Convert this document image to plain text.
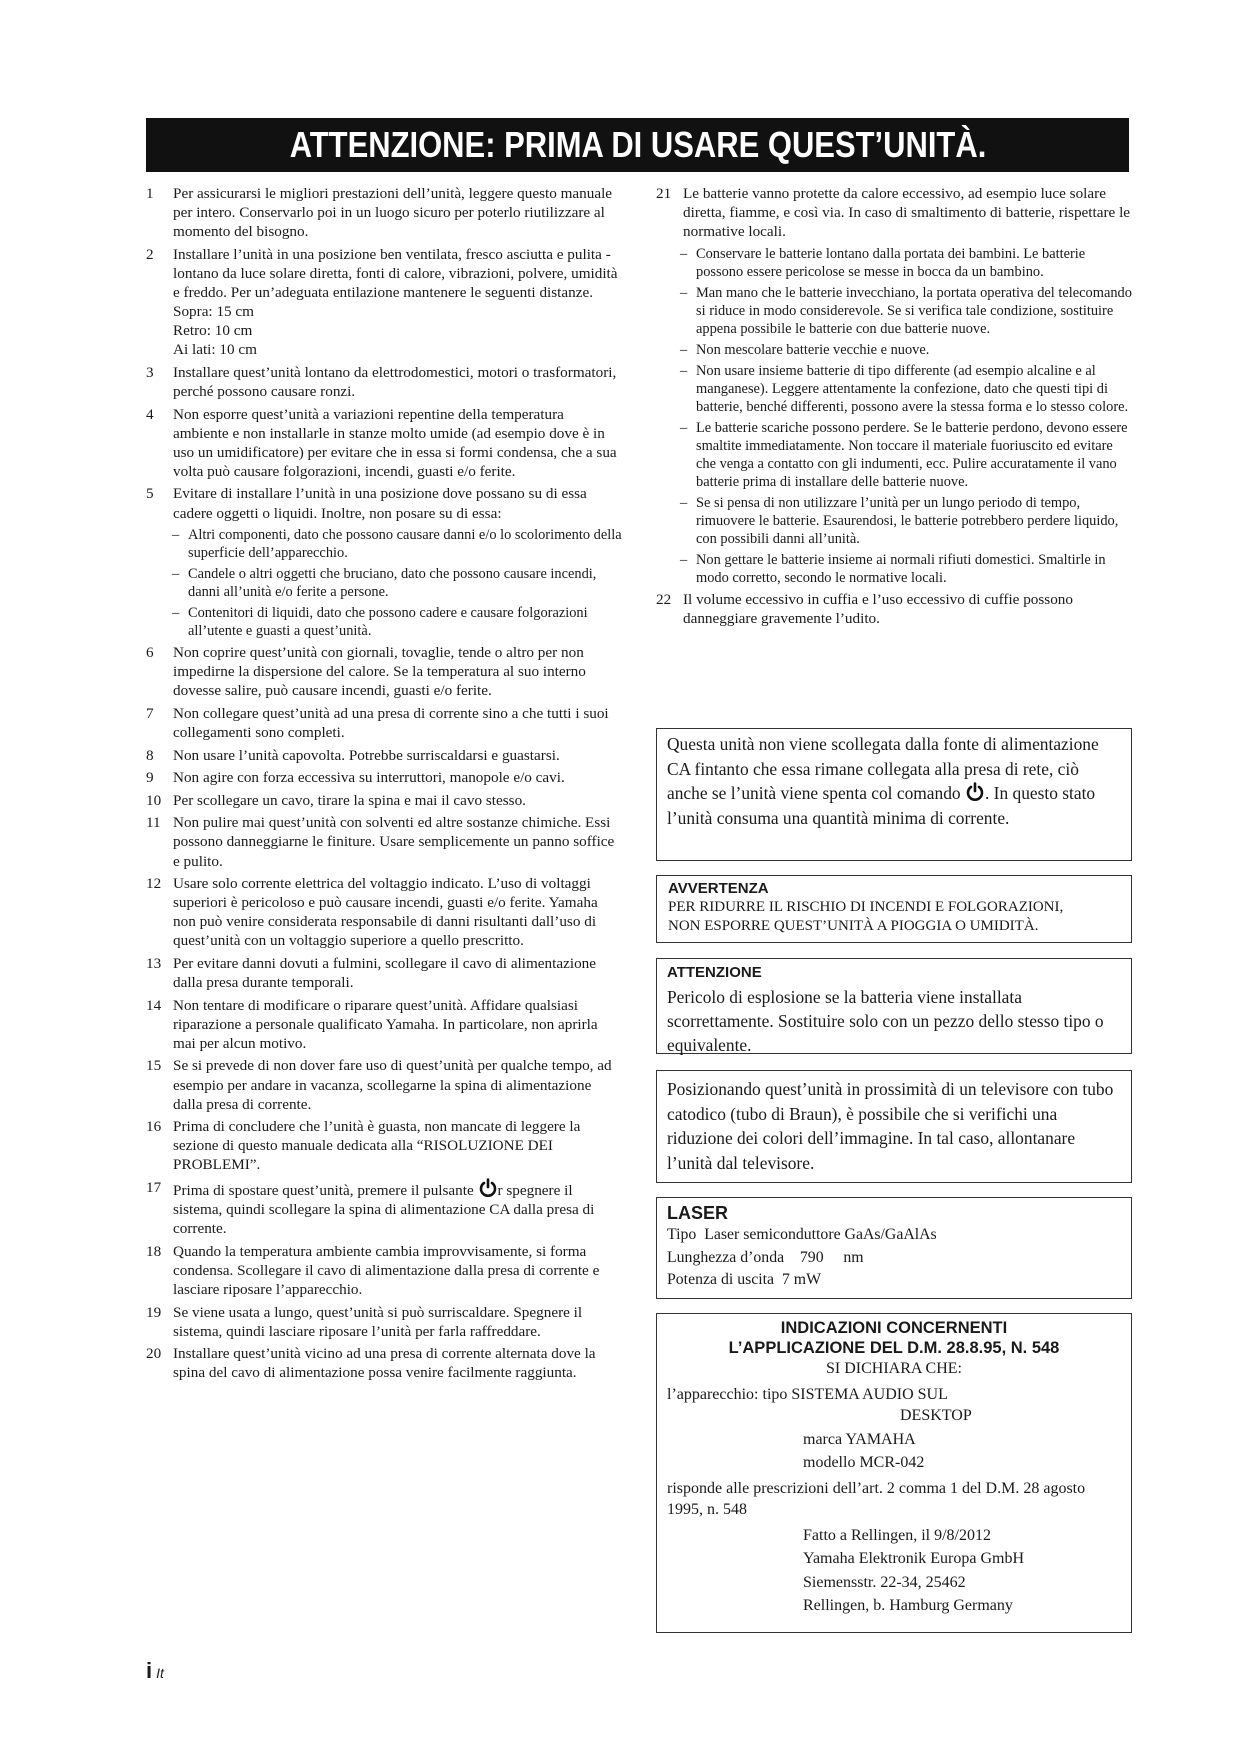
ATTENZIONE: PRIMA DI USARE QUEST’UNITÀ.
1 Per assicurarsi le migliori prestazioni dell’unità, leggere questo manuale per intero. Conservarlo poi in un luogo sicuro per poterlo riutilizzare al momento del bisogno.
2 Installare l’unità in una posizione ben ventilata, fresco asciutta e pulita - lontano da luce solare diretta, fonti di calore, vibrazioni, polvere, umidità e freddo. Per un’adeguata entilazione mantenere le seguenti distanze.
Sopra: 15 cm
Retro: 10 cm
Ai lati: 10 cm
3 Installare quest’unità lontano da elettrodomestici, motori o trasformatori, perché possono causare ronzi.
4 Non esporre quest’unità a variazioni repentine della temperatura ambiente e non installarle in stanze molto umide (ad esempio dove è in uso un umidificatore) per evitare che in essa si formi condensa, che a sua volta può causare folgorazioni, incendi, guasti e/o ferite.
5 Evitare di installare l’unità in una posizione dove possano su di essa cadere oggetti o liquidi. Inoltre, non posare su di essa:
– Altri componenti, dato che possono causare danni e/o lo scolorimento della superficie dell’apparecchio.
– Candele o altri oggetti che bruciano, dato che possono causare incendi, danni all’unità e/o ferite a persone.
– Contenitori di liquidi, dato che possono cadere e causare folgorazioni all’utente e guasti a quest’unità.
6 Non coprire quest’unità con giornali, tovaglie, tende o altro per non impedirne la dispersione del calore. Se la temperatura al suo interno dovesse salire, può causare incendi, guasti e/o ferite.
7 Non collegare quest’unità ad una presa di corrente sino a che tutti i suoi collegamenti sono completi.
8 Non usare l’unità capovolta. Potrebbe surriscaldarsi e guastarsi.
9 Non agire con forza eccessiva su interruttori, manopole e/o cavi.
10 Per scollegare un cavo, tirare la spina e mai il cavo stesso.
11 Non pulire mai quest’unità con solventi ed altre sostanze chimiche. Essi possono danneggiarne le finiture. Usare semplicemente un panno soffice e pulito.
12 Usare solo corrente elettrica del voltaggio indicato. L’uso di voltaggi superiori è pericoloso e può causare incendi, guasti e/o ferite. Yamaha non può venire considerata responsabile di danni risultanti dall’uso di quest’unità con un voltaggio superiore a quello prescritto.
13 Per evitare danni dovuti a fulmini, scollegare il cavo di alimentazione dalla presa durante temporali.
14 Non tentare di modificare o riparare quest’unità. Affidare qualsiasi riparazione a personale qualificato Yamaha. In particolare, non aprirla mai per alcun motivo.
15 Se si prevede di non dover fare uso di quest’unità per qualche tempo, ad esempio per andare in vacanza, scollegarne la spina di alimentazione dalla presa di corrente.
16 Prima di concludere che l’unità è guasta, non mancate di leggere la sezione di questo manuale dedicata alla “RISOLUZIONE DEI PROBLEMI”.
17 Prima di spostare quest’unità, premere il pulsante r spegnere il sistema, quindi scollegare la spina di alimentazione CA dalla presa di corrente.
18 Quando la temperatura ambiente cambia improvvisamente, si forma condensa. Scollegare il cavo di alimentazione dalla presa di corrente e lasciare riposare l’apparecchio.
19 Se viene usata a lungo, quest’unità si può surriscaldare. Spegnere il sistema, quindi lasciare riposare l’unità per farla raffreddare.
20 Installare quest’unità vicino ad una presa di corrente alternata dove la spina del cavo di alimentazione possa venire facilmente raggiunta.
21 Le batterie vanno protette da calore eccessivo, ad esempio luce solare diretta, fiamme, e così via. In caso di smaltimento di batterie, rispettare le normative locali.
– Conservare le batterie lontano dalla portata dei bambini. Le batterie possono essere pericolose se messe in bocca da un bambino.
– Man mano che le batterie invecchiano, la portata operativa del telecomando si riduce in modo considerevole. Se si verifica tale condizione, sostituire appena possibile le batterie con due batterie nuove.
– Non mescolare batterie vecchie e nuove.
– Non usare insieme batterie di tipo differente (ad esempio alcaline e al manganese). Leggere attentamente la confezione, dato che questi tipi di batterie, benché differenti, possono avere la stessa forma e lo stesso colore.
– Le batterie scariche possono perdere. Se le batterie perdono, devono essere smaltite immediatamente. Non toccare il materiale fuoriuscito ed evitare che venga a contatto con gli indumenti, ecc. Pulire accuratamente il vano batterie prima di installare delle batterie nuove.
– Se si pensa di non utilizzare l’unità per un lungo periodo di tempo, rimuovere le batterie. Esaurendosi, le batterie potrebbero perdere liquido, con possibili danni all’unità.
– Non gettare le batterie insieme ai normali rifiuti domestici. Smaltirle in modo corretto, secondo le normative locali.
22 Il volume eccessivo in cuffia e l’uso eccessivo di cuffie possono danneggiare gravemente l’udito.
Questa unità non viene scollegata dalla fonte di alimentazione CA fintanto che essa rimane collegata alla presa di rete, ciò anche se l’unità viene spenta col comando . In questo stato l’unità consuma una quantità minima di corrente.
AVVERTENZA
PER RIDURRE IL RISCHIO DI INCENDI E FOLGORAZIONI,
NON ESPORRE QUEST’UNITÀ A PIOGGIA O UMIDITÀ.
ATTENZIONE
Pericolo di esplosione se la batteria viene installata scorrettamente. Sostituire solo con un pezzo dello stesso tipo o equivalente.
Posizionando quest’unità in prossimità di un televisore con tubo catodico (tubo di Braun), è possibile che si verifichi una riduzione dei colori dell’immagine. In tal caso, allontanare l’unità dal televisore.
LASER
Tipo Laser semiconduttore GaAs/GaAlAs
Lunghezza d’onda 790 nm
Potenza di uscita 7 mW
INDICAZIONI CONCERNENTI
L’APPLICAZIONE DEL D.M. 28.8.95, N. 548
SI DICHIARA CHE:
l’apparecchio: tipo SISTEMA AUDIO SUL
DESKTOP
marca YAMAHA
modello MCR-042
risponde alle prescrizioni dell’art. 2 comma 1 del D.M. 28 agosto 1995, n. 548
Fatto a Rellingen, il 9/8/2012
Yamaha Elektronik Europa GmbH
Siemensstr. 22-34, 25462
Rellingen, b. Hamburg Germany
i It
